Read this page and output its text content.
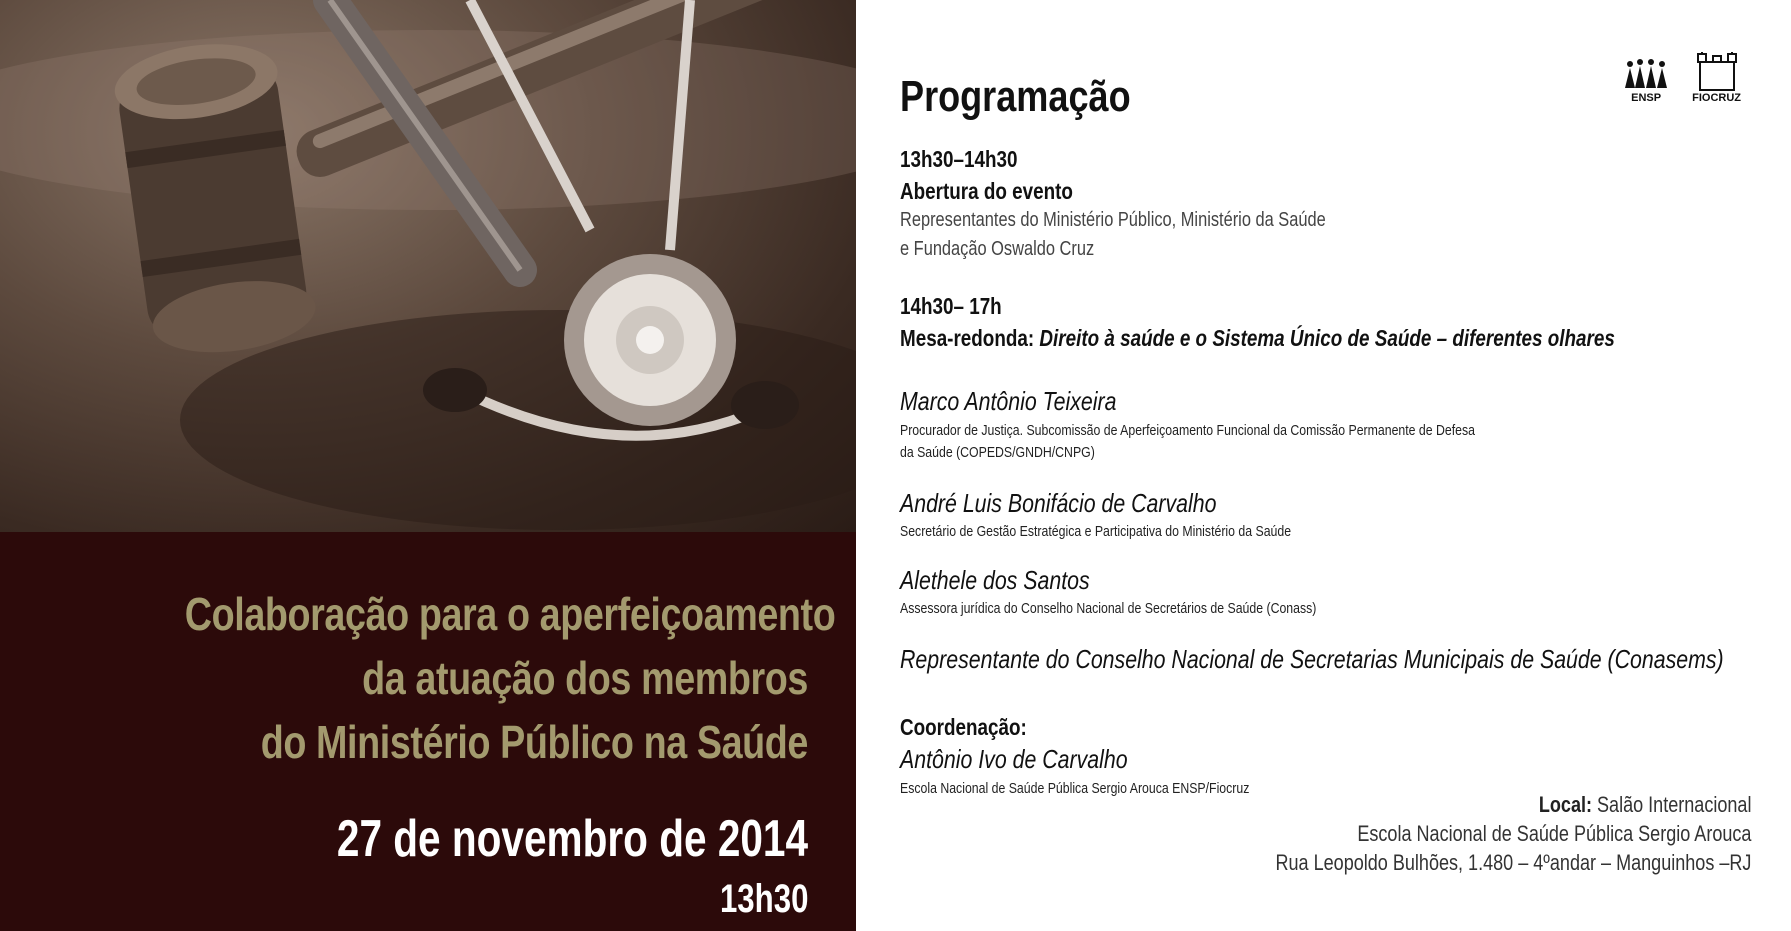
Colaboração para o aperfeiçoamento
da atuação dos membros
do Ministério Público na Saúde
27 de novembro de 2014
13h30
ENSP	FIOCRUZ
Programação
13h30–14h30
Abertura do evento
Representantes do Ministério Público, Ministério da Saúde
e Fundação Oswaldo Cruz
14h30– 17h
Mesa-redonda: Direito à saúde e o Sistema Único de Saúde – diferentes olhares
Marco Antônio Teixeira
Procurador de Justiça. Subcomissão de Aperfeiçoamento Funcional da Comissão Permanente de Defesa
da Saúde (COPEDS/GNDH/CNPG)
André Luis Bonifácio de Carvalho
Secretário de Gestão Estratégica e Participativa do Ministério da Saúde
Alethele dos Santos
Assessora jurídica do Conselho Nacional de Secretários de Saúde (Conass)
Representante do Conselho Nacional de Secretarias Municipais de Saúde (Conasems)
Coordenação:
Antônio Ivo de Carvalho
Escola Nacional de Saúde Pública Sergio Arouca ENSP/Fiocruz
Local: Salão Internacional
Escola Nacional de Saúde Pública Sergio Arouca
Rua Leopoldo Bulhões, 1.480 – 4ºandar – Manguinhos –RJ
